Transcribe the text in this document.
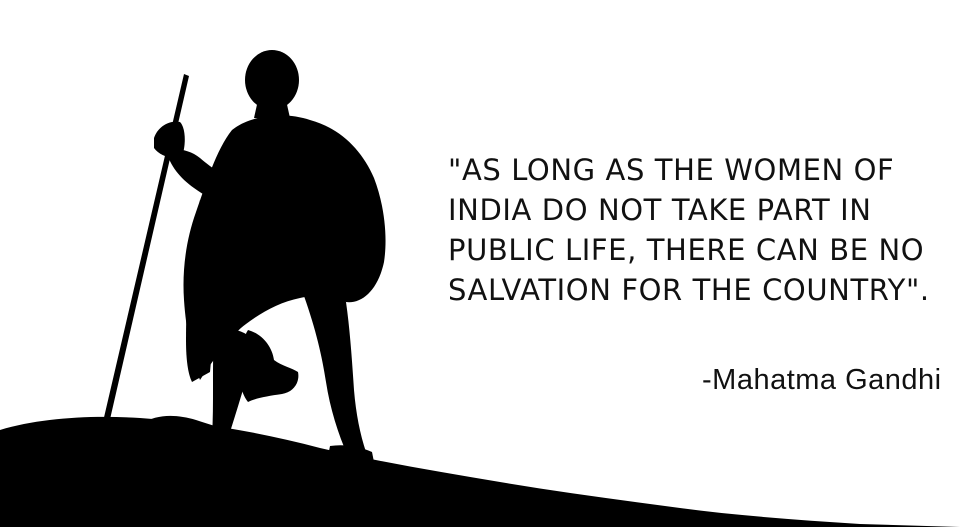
"AS LONG AS THE WOMEN OF
INDIA DO NOT TAKE PART IN
PUBLIC LIFE, THERE CAN BE NO
SALVATION FOR THE COUNTRY".
-Mahatma Gandhi
